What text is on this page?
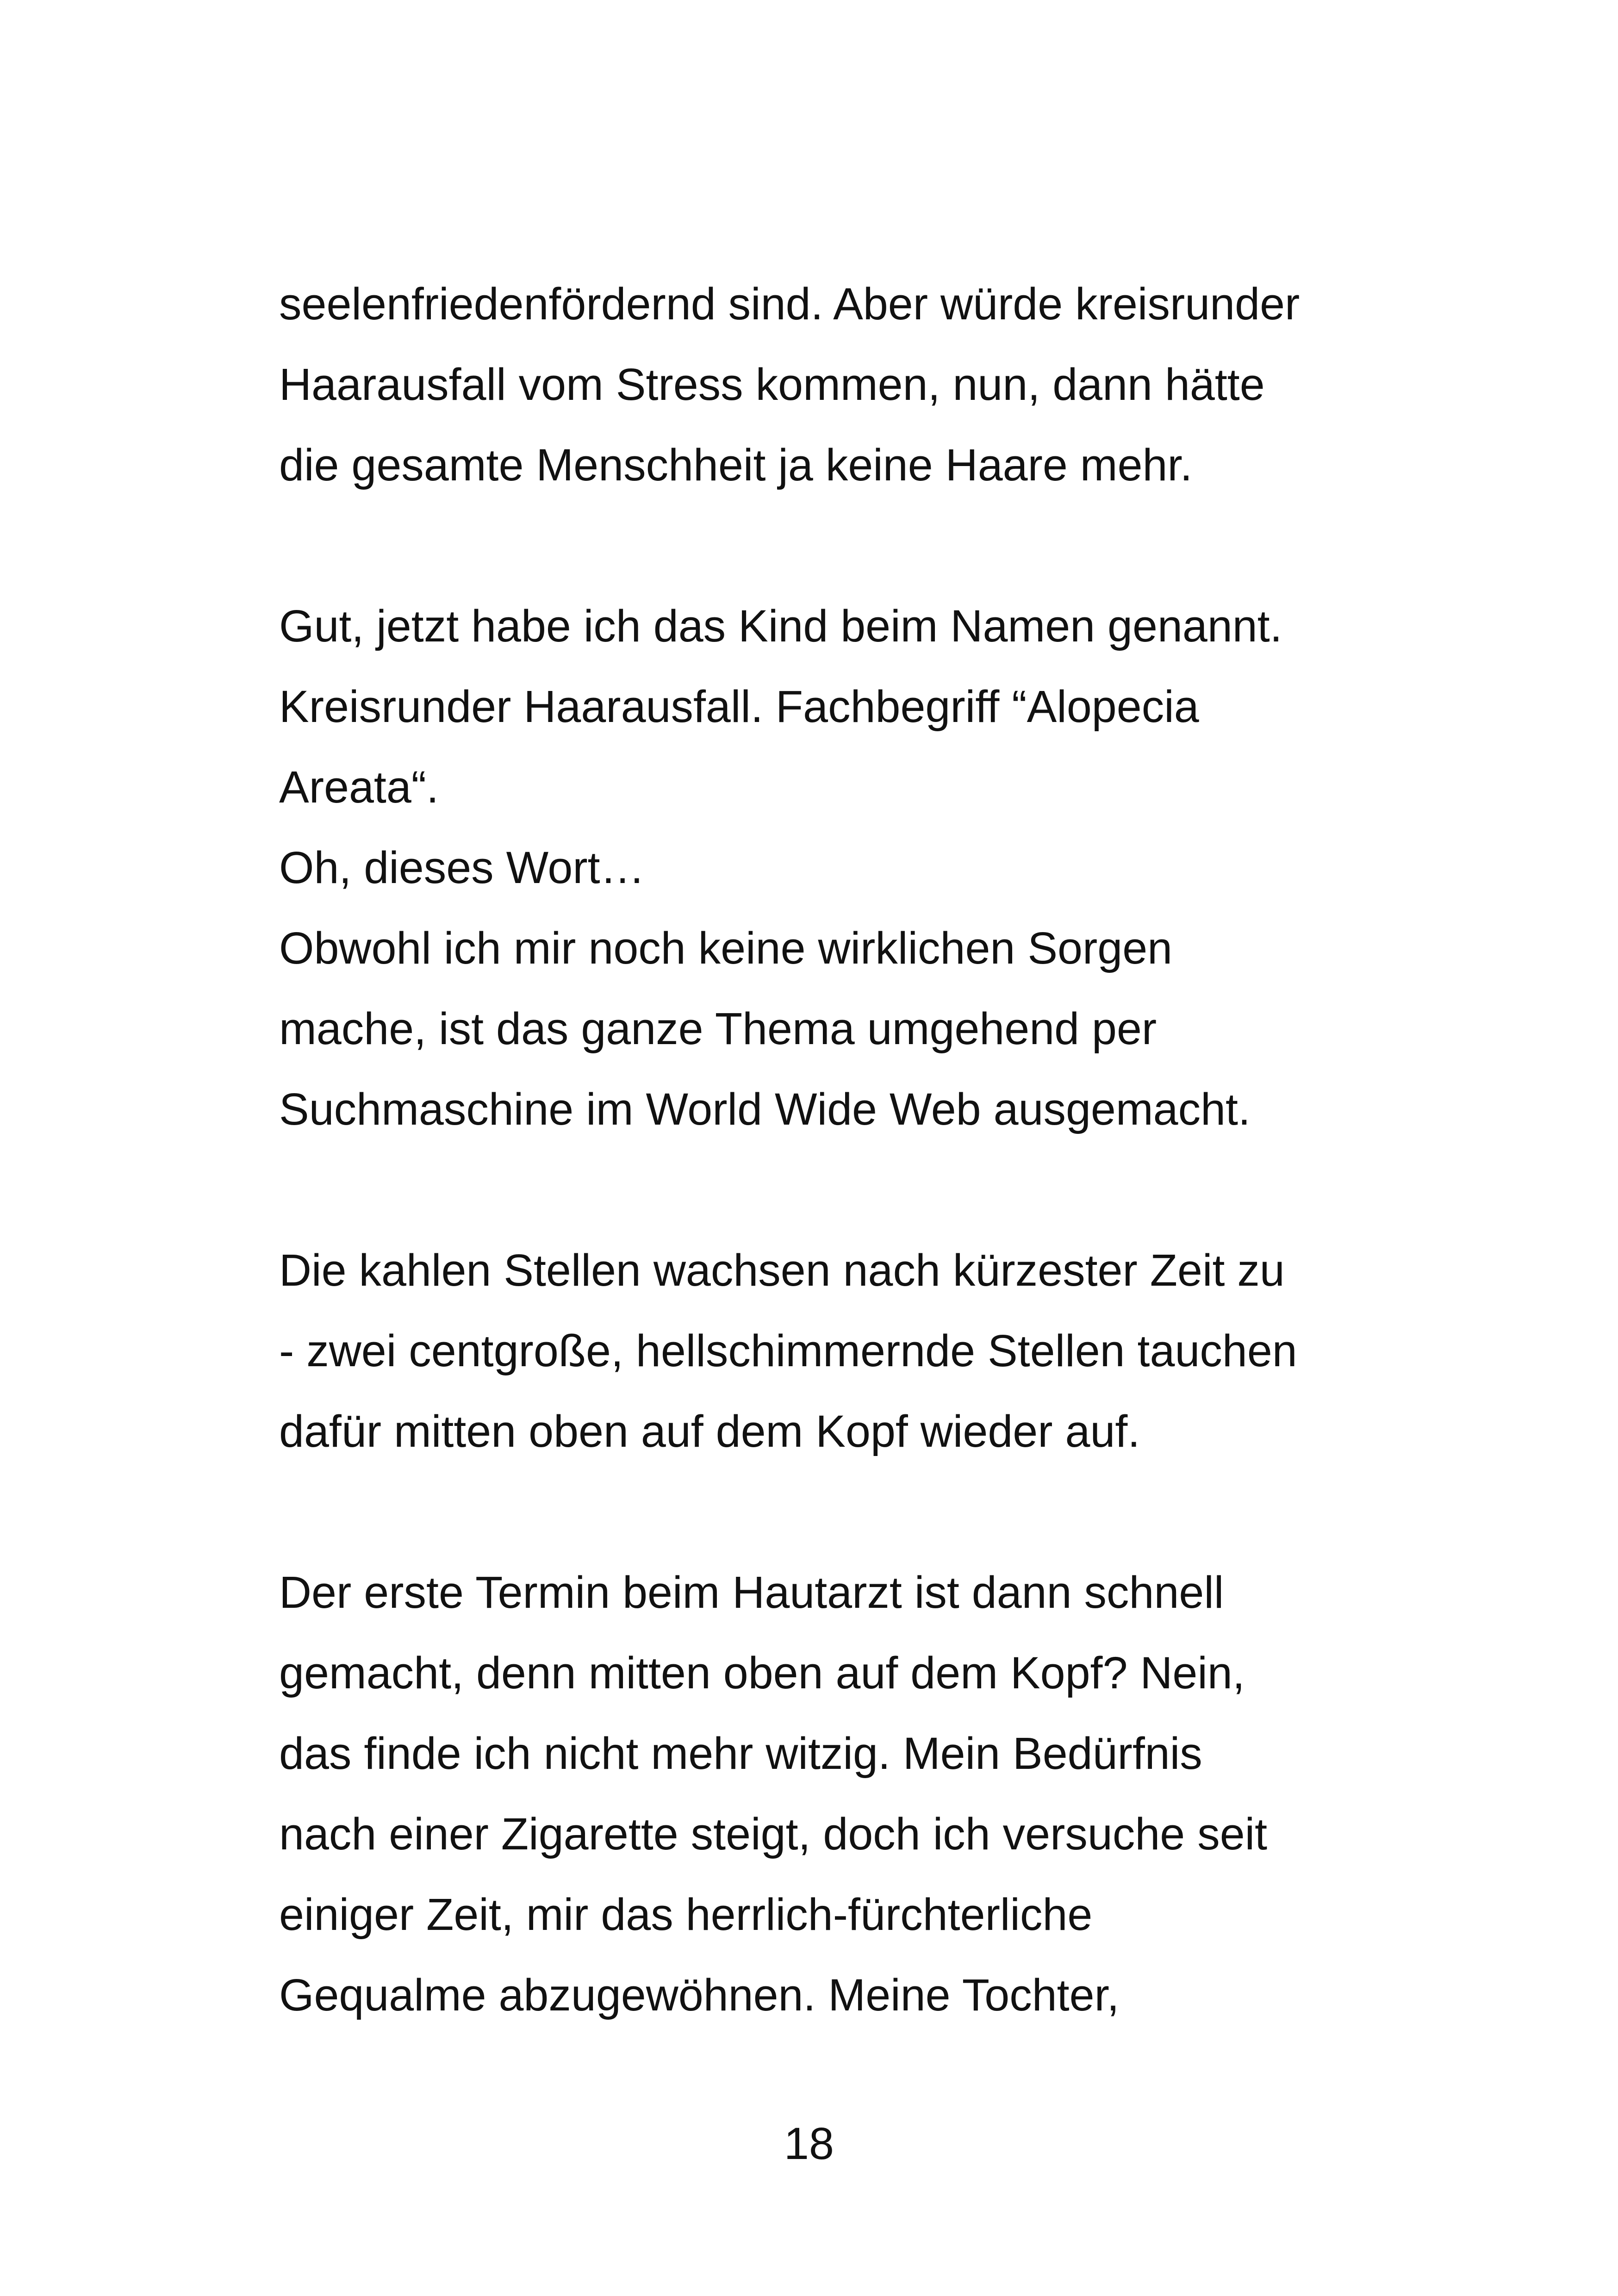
seelenfriedenfördernd sind. Aber würde kreisrunder
Haarausfall vom Stress kommen, nun, dann hätte
die gesamte Menschheit ja keine Haare mehr.

Gut, jetzt habe ich das Kind beim Namen genannt.
Kreisrunder Haarausfall. Fachbegriff “Alopecia
Areata“.
Oh, dieses Wort…
Obwohl ich mir noch keine wirklichen Sorgen
mache, ist das ganze Thema umgehend per
Suchmaschine im World Wide Web ausgemacht.

Die kahlen Stellen wachsen nach kürzester Zeit zu
- zwei centgroße, hellschimmernde Stellen tauchen
dafür mitten oben auf dem Kopf wieder auf.

Der erste Termin beim Hautarzt ist dann schnell
gemacht, denn mitten oben auf dem Kopf? Nein,
das finde ich nicht mehr witzig. Mein Bedürfnis
nach einer Zigarette steigt, doch ich versuche seit
einiger Zeit, mir das herrlich-fürchterliche
Gequalme abzugewöhnen. Meine Tochter,

18
